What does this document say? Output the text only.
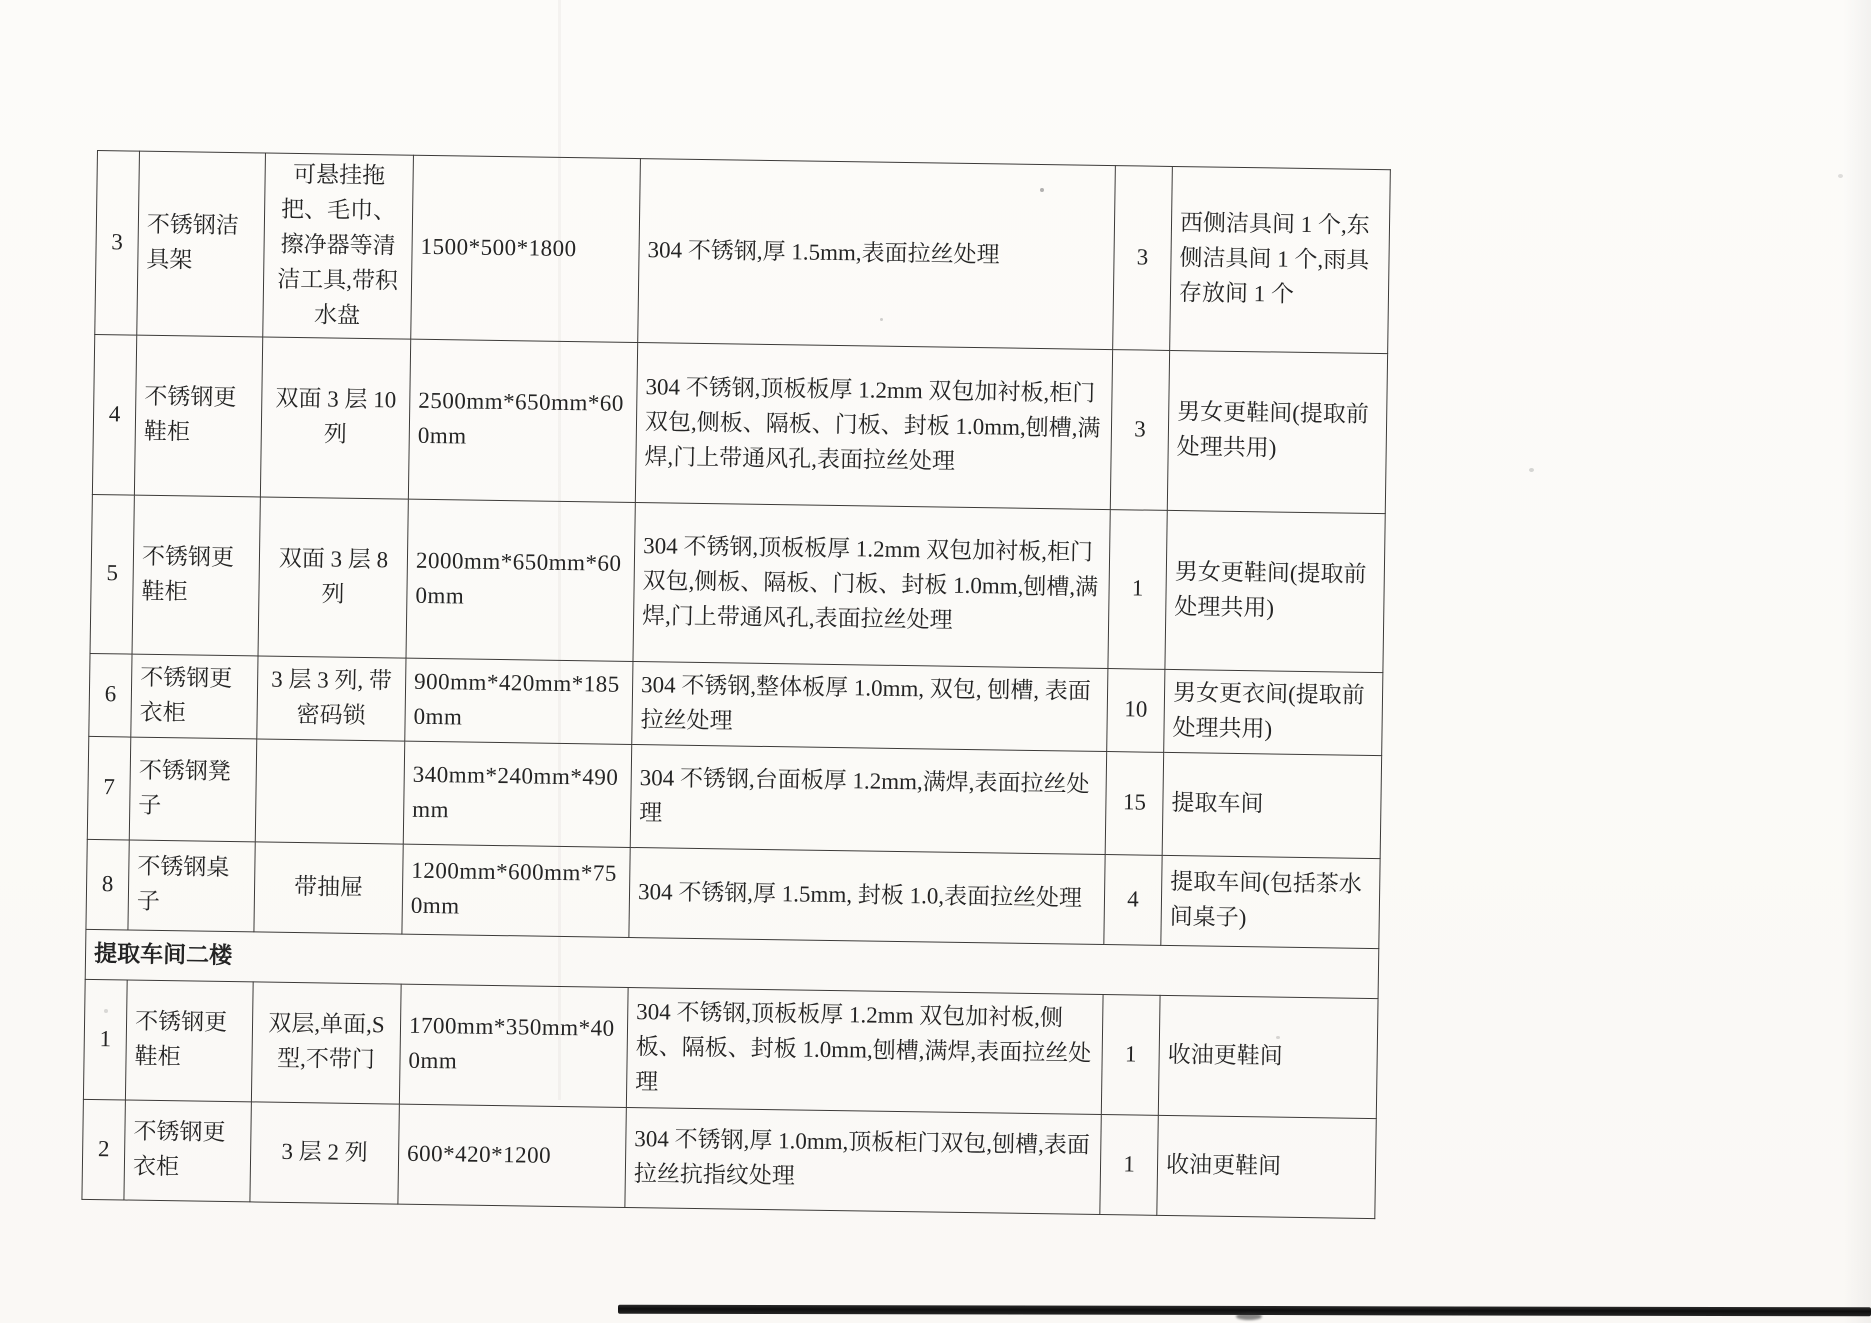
3	不锈钢洁具架	可悬挂拖把、毛巾、擦净器等清洁工具,带积水盘	1500*500*1800	304 不锈钢,厚 1.5mm,表面拉丝处理	3	西侧洁具间 1 个,东侧洁具间 1 个,雨具存放间 1 个
4	不锈钢更鞋柜	双面 3 层 10 列	2500mm*650mm*600mm	304 不锈钢,顶板板厚 1.2mm 双包加衬板,柜门双包,侧板、隔板、门板、封板 1.0mm,刨槽,满焊,门上带通风孔,表面拉丝处理	3	男女更鞋间(提取前处理共用)
5	不锈钢更鞋柜	双面 3 层 8 列	2000mm*650mm*600mm	304 不锈钢,顶板板厚 1.2mm 双包加衬板,柜门双包,侧板、隔板、门板、封板 1.0mm,刨槽,满焊,门上带通风孔,表面拉丝处理	1	男女更鞋间(提取前处理共用)
6	不锈钢更衣柜	3 层 3 列, 带密码锁	900mm*420mm*1850mm	304 不锈钢,整体板厚 1.0mm, 双包, 刨槽, 表面拉丝处理	10	男女更衣间(提取前处理共用)
7	不锈钢凳子		340mm*240mm*490mm	304 不锈钢,台面板厚 1.2mm,满焊,表面拉丝处理	15	提取车间
8	不锈钢桌子	带抽屉	1200mm*600mm*750mm	304 不锈钢,厚 1.5mm, 封板 1.0,表面拉丝处理	4	提取车间(包括茶水间桌子)
提取车间二楼						
1	不锈钢更鞋柜	双层,单面,S 型,不带门	1700mm*350mm*400mm	304 不锈钢,顶板板厚 1.2mm 双包加衬板,侧板、隔板、封板 1.0mm,刨槽,满焊,表面拉丝处理	1	收油更鞋间
2	不锈钢更衣柜	3 层 2 列	600*420*1200	304 不锈钢,厚 1.0mm,顶板柜门双包,刨槽,表面拉丝抗指纹处理	1	收油更鞋间
